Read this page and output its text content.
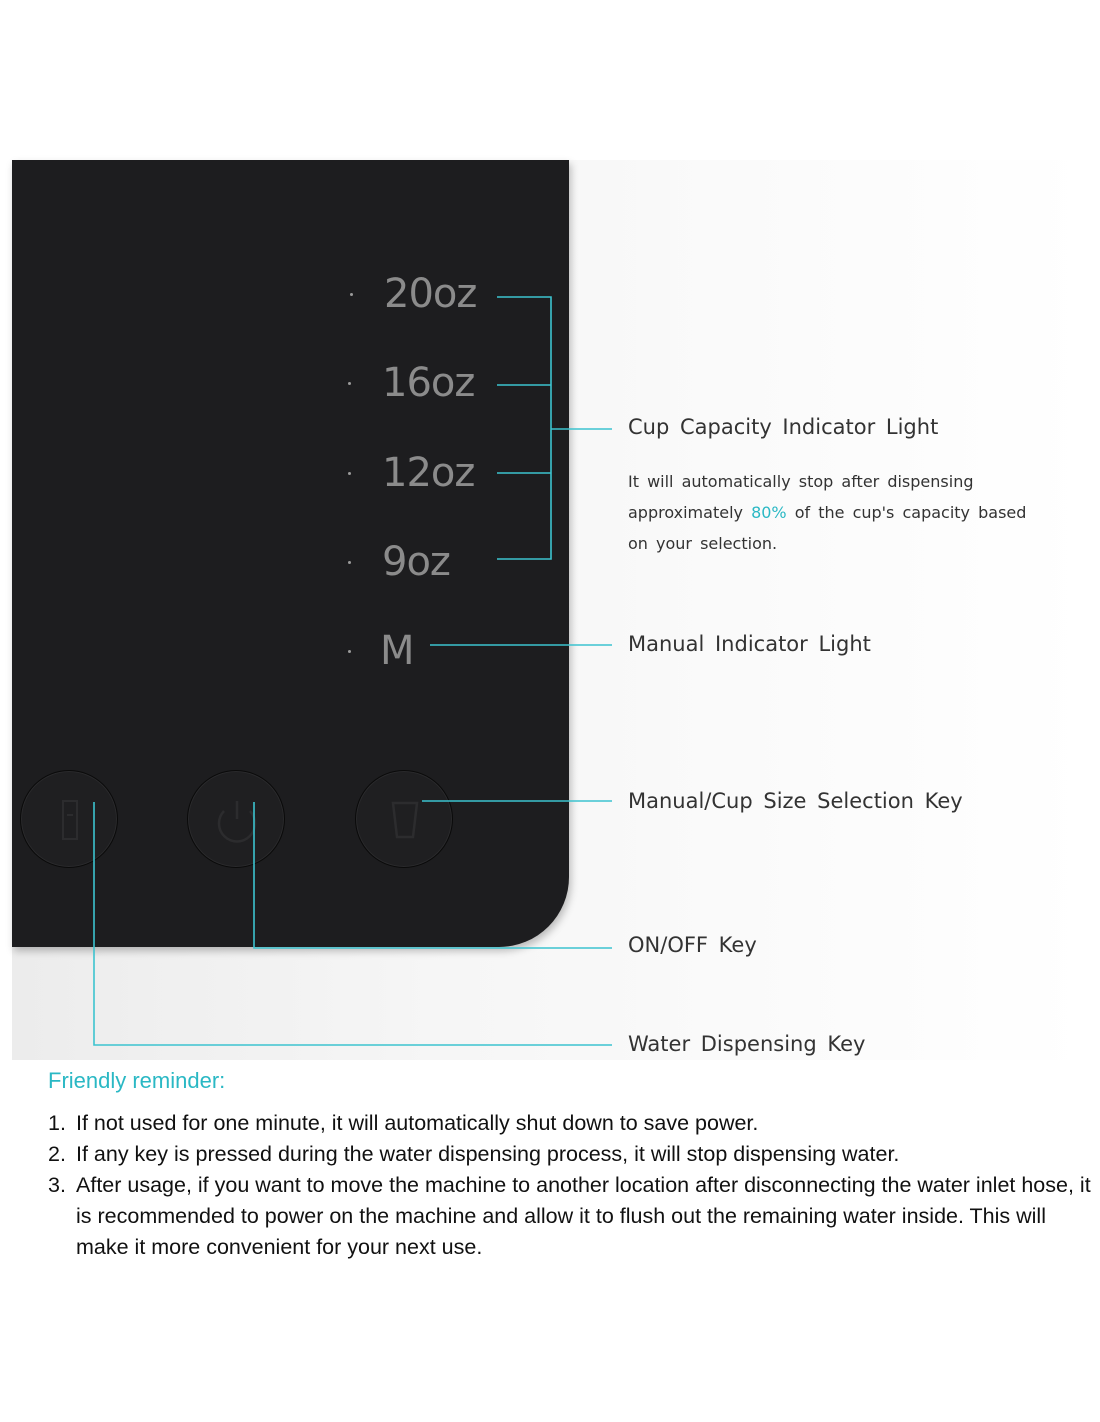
20oz
16oz
12oz
9oz
M
Cup Capacity Indicator Light
It will automatically stop after dispensing approximately 80% of the cup's capacity based on your selection.
Manual Indicator Light
Manual/Cup Size Selection Key
ON/OFF Key
Water Dispensing Key
Friendly reminder:
1. If not used for one minute, it will automatically shut down to save power.
2. If any key is pressed during the water dispensing process, it will stop dispensing water.
3. After usage, if you want to move the machine to another location after disconnecting the water inlet hose, it is recommended to power on the machine and allow it to flush out the remaining water inside. This will make it more convenient for your next use.
